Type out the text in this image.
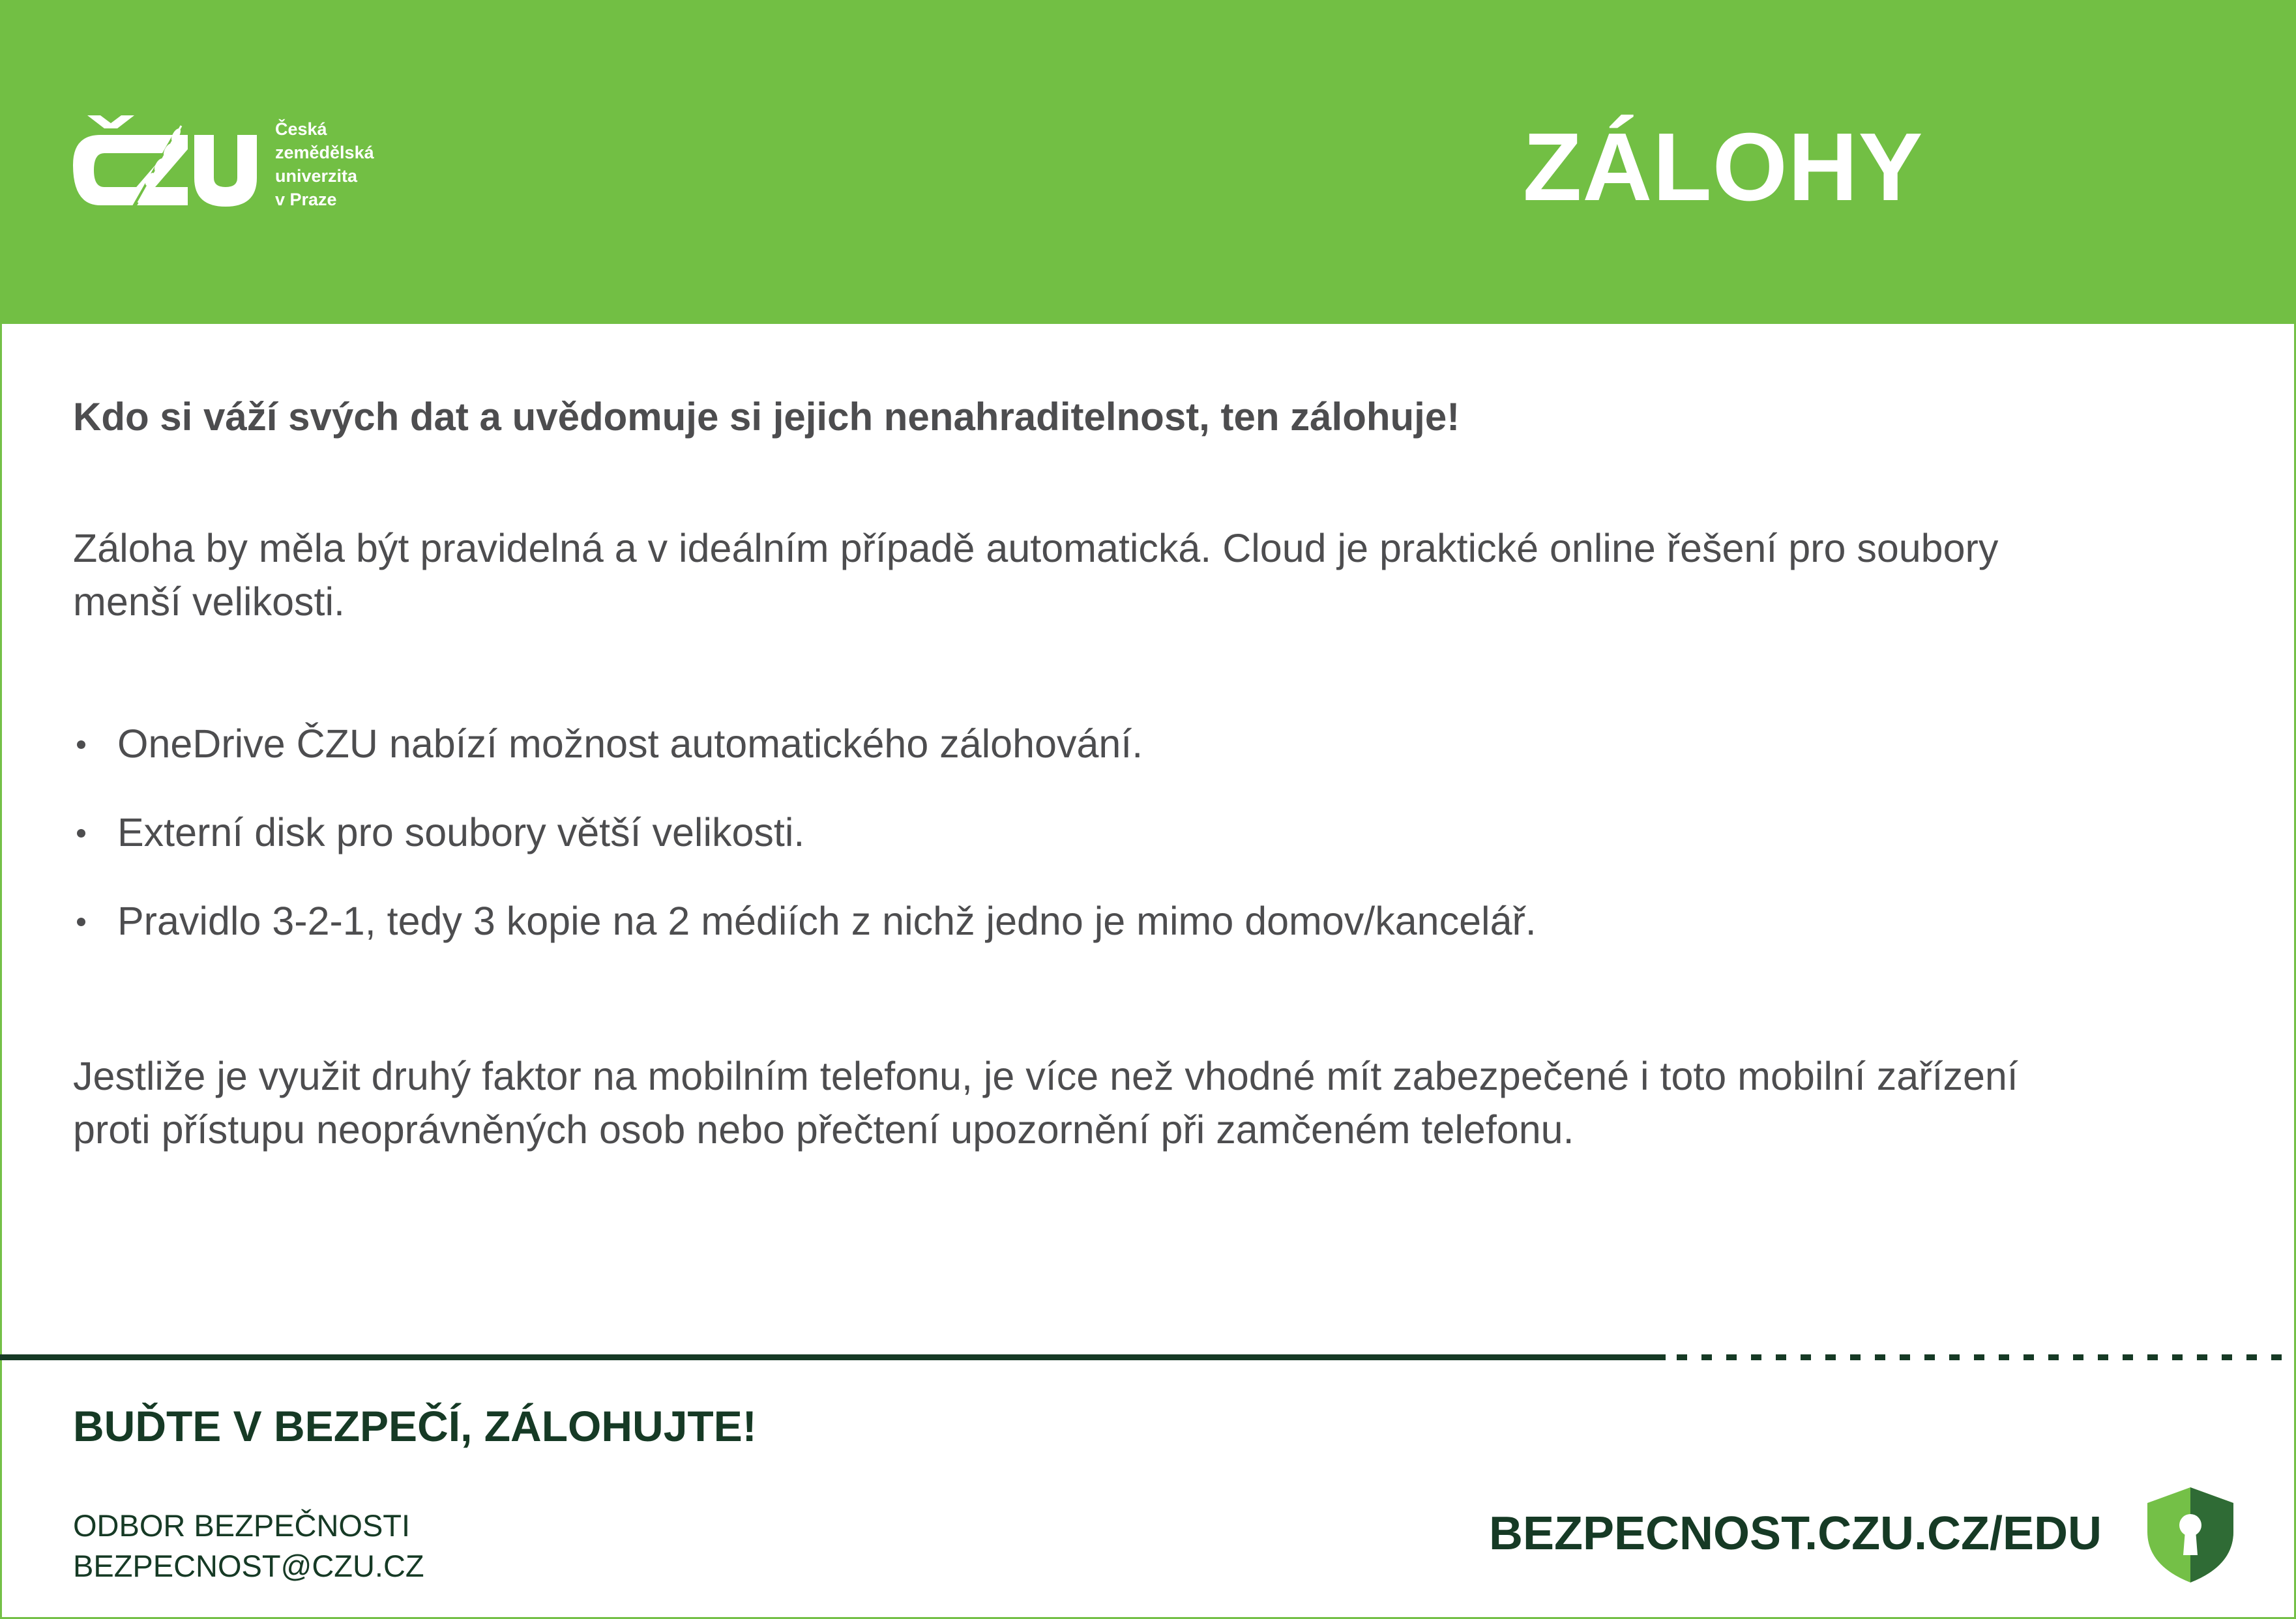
Česká
zemědělská
univerzita
v Praze	ZÁLOHY

Kdo si váží svých dat a uvědomuje si jejich nenahraditelnost, ten zálohuje!

Záloha by měla být pravidelná a v ideálním případě automatická. Cloud je praktické online řešení pro soubory
menší velikosti.
OneDrive ČZU nabízí možnost automatického zálohování.
Externí disk pro soubory větší velikosti.
Pravidlo 3-2-1, tedy 3 kopie na 2 médiích z nichž jedno je mimo domov/kancelář.
Jestliže je využit druhý faktor na mobilním telefonu, je více než vhodné mít zabezpečené i toto mobilní zařízení
proti přístupu neoprávněných osob nebo přečtení upozornění při zamčeném telefonu.
BUĎTE V BEZPEČÍ, ZÁLOHUJTE!
ODBOR BEZPEČNOSTI
BEZPECNOST@CZU.CZ
BEZPECNOST.CZU.CZ/EDU
